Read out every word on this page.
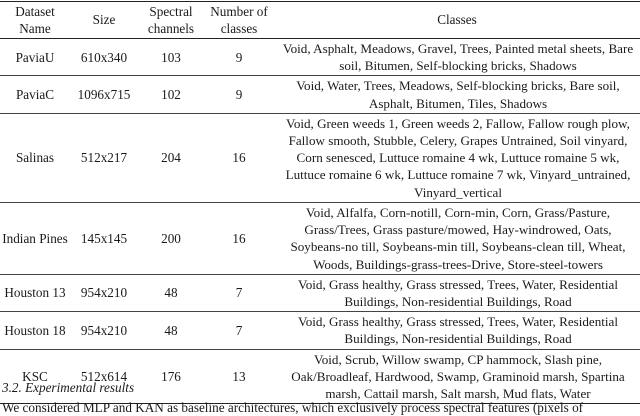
Dataset Name	Size	Spectral channels	Number of classes	Classes
PaviaU	610x340	103	9	Void, Asphalt, Meadows, Gravel, Trees, Painted metal sheets, Bare soil, Bitumen, Self-blocking bricks, Shadows
PaviaC	1096x715	102	9	Void, Water, Trees, Meadows, Self-blocking bricks, Bare soil, Asphalt, Bitumen, Tiles, Shadows
Salinas	512x217	204	16	Void, Green weeds 1, Green weeds 2, Fallow, Fallow rough plow, Fallow smooth, Stubble, Celery, Grapes Untrained, Soil vinyard, Corn senesced, Luttuce romaine 4 wk, Luttuce romaine 5 wk, Luttuce romaine 6 wk, Luttuce romaine 7 wk, Vinyard_untrained, Vinyard_vertical
Indian Pines	145x145	200	16	Void, Alfalfa, Corn-notill, Corn-min, Corn, Grass/Pasture, Grass/Trees, Grass pasture/mowed, Hay-windrowed, Oats, Soybeans-no till, Soybeans-min till, Soybeans-clean till, Wheat, Woods, Buildings-grass-trees-Drive, Store-steel-towers
Houston 13	954x210	48	7	Void, Grass healthy, Grass stressed, Trees, Water, Residential Buildings, Non-residential Buildings, Road
Houston 18	954x210	48	7	Void, Grass healthy, Grass stressed, Trees, Water, Residential Buildings, Non-residential Buildings, Road
KSC	512x614	176	13	Void, Scrub, Willow swamp, CP hammock, Slash pine, Oak/Broadleaf, Hardwood, Swamp, Graminoid marsh, Spartina marsh, Cattail marsh, Salt marsh, Mud flats, Water
3.2. Experimental results
We considered MLP and KAN as baseline architectures, which exclusively process spectral features (pixels of
